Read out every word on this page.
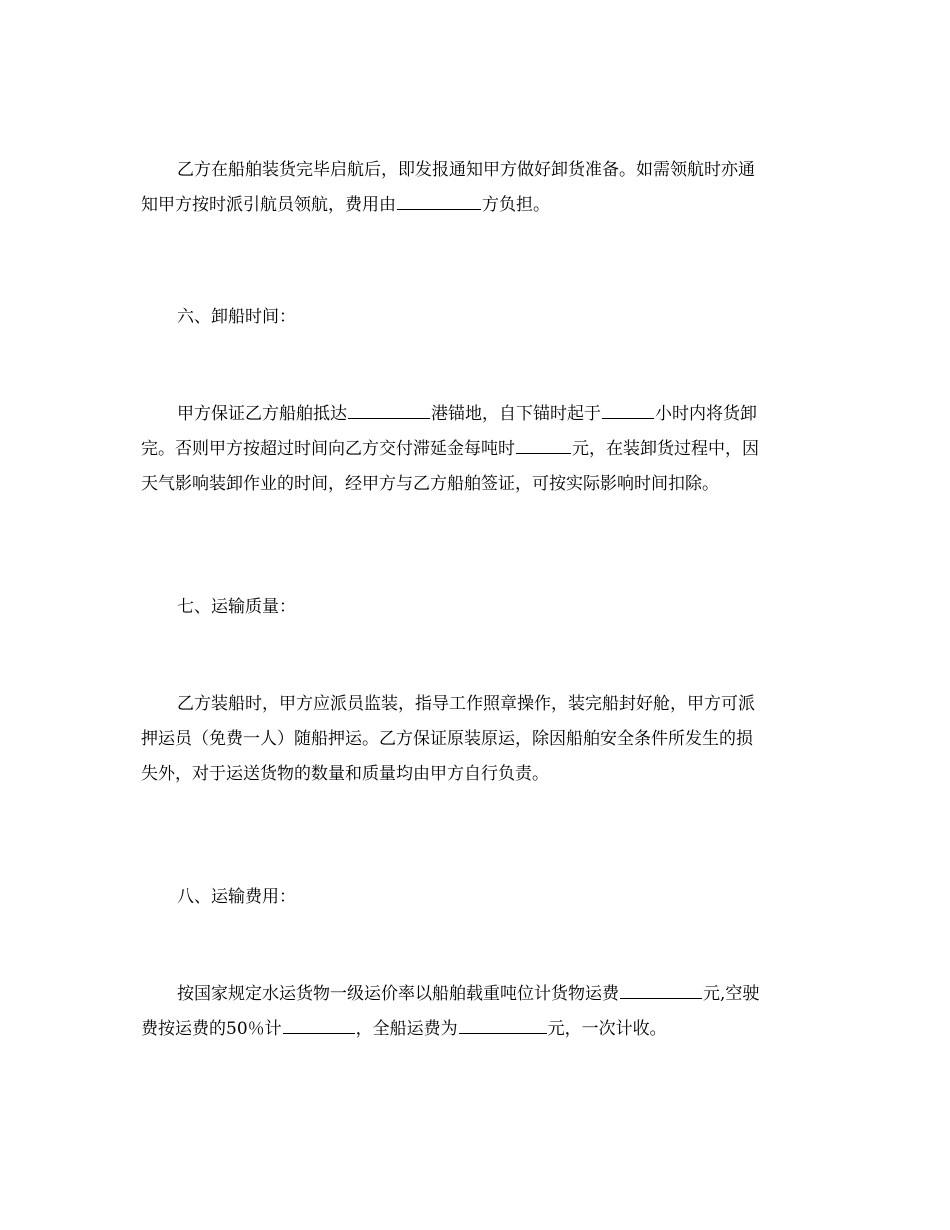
乙方在船舶装货完毕启航后，即发报通知甲方做好卸货准备。如需领航时亦通
知甲方按时派引航员领航，费用由	方负担。
六、卸船时间：
甲方保证乙方船舶抵达	港锚地，自下锚时起于	小时内将货卸
完。否则甲方按超过时间向乙方交付滞延金每吨时	元，在装卸货过程中，因
天气影响装卸作业的时间，经甲方与乙方船舶签证，可按实际影响时间扣除。
七、运输质量：
乙方装船时，甲方应派员监装，指导工作照章操作，装完船封好舱，甲方可派
押运员（免费一人）随船押运。乙方保证原装原运，除因船舶安全条件所发生的损
失外，对于运送货物的数量和质量均由甲方自行负责。
八、运输费用：
按国家规定水运货物一级运价率以船舶载重吨位计货物运费	元,空驶
费按运费的50％计	，全船运费为	元，一次计收。
